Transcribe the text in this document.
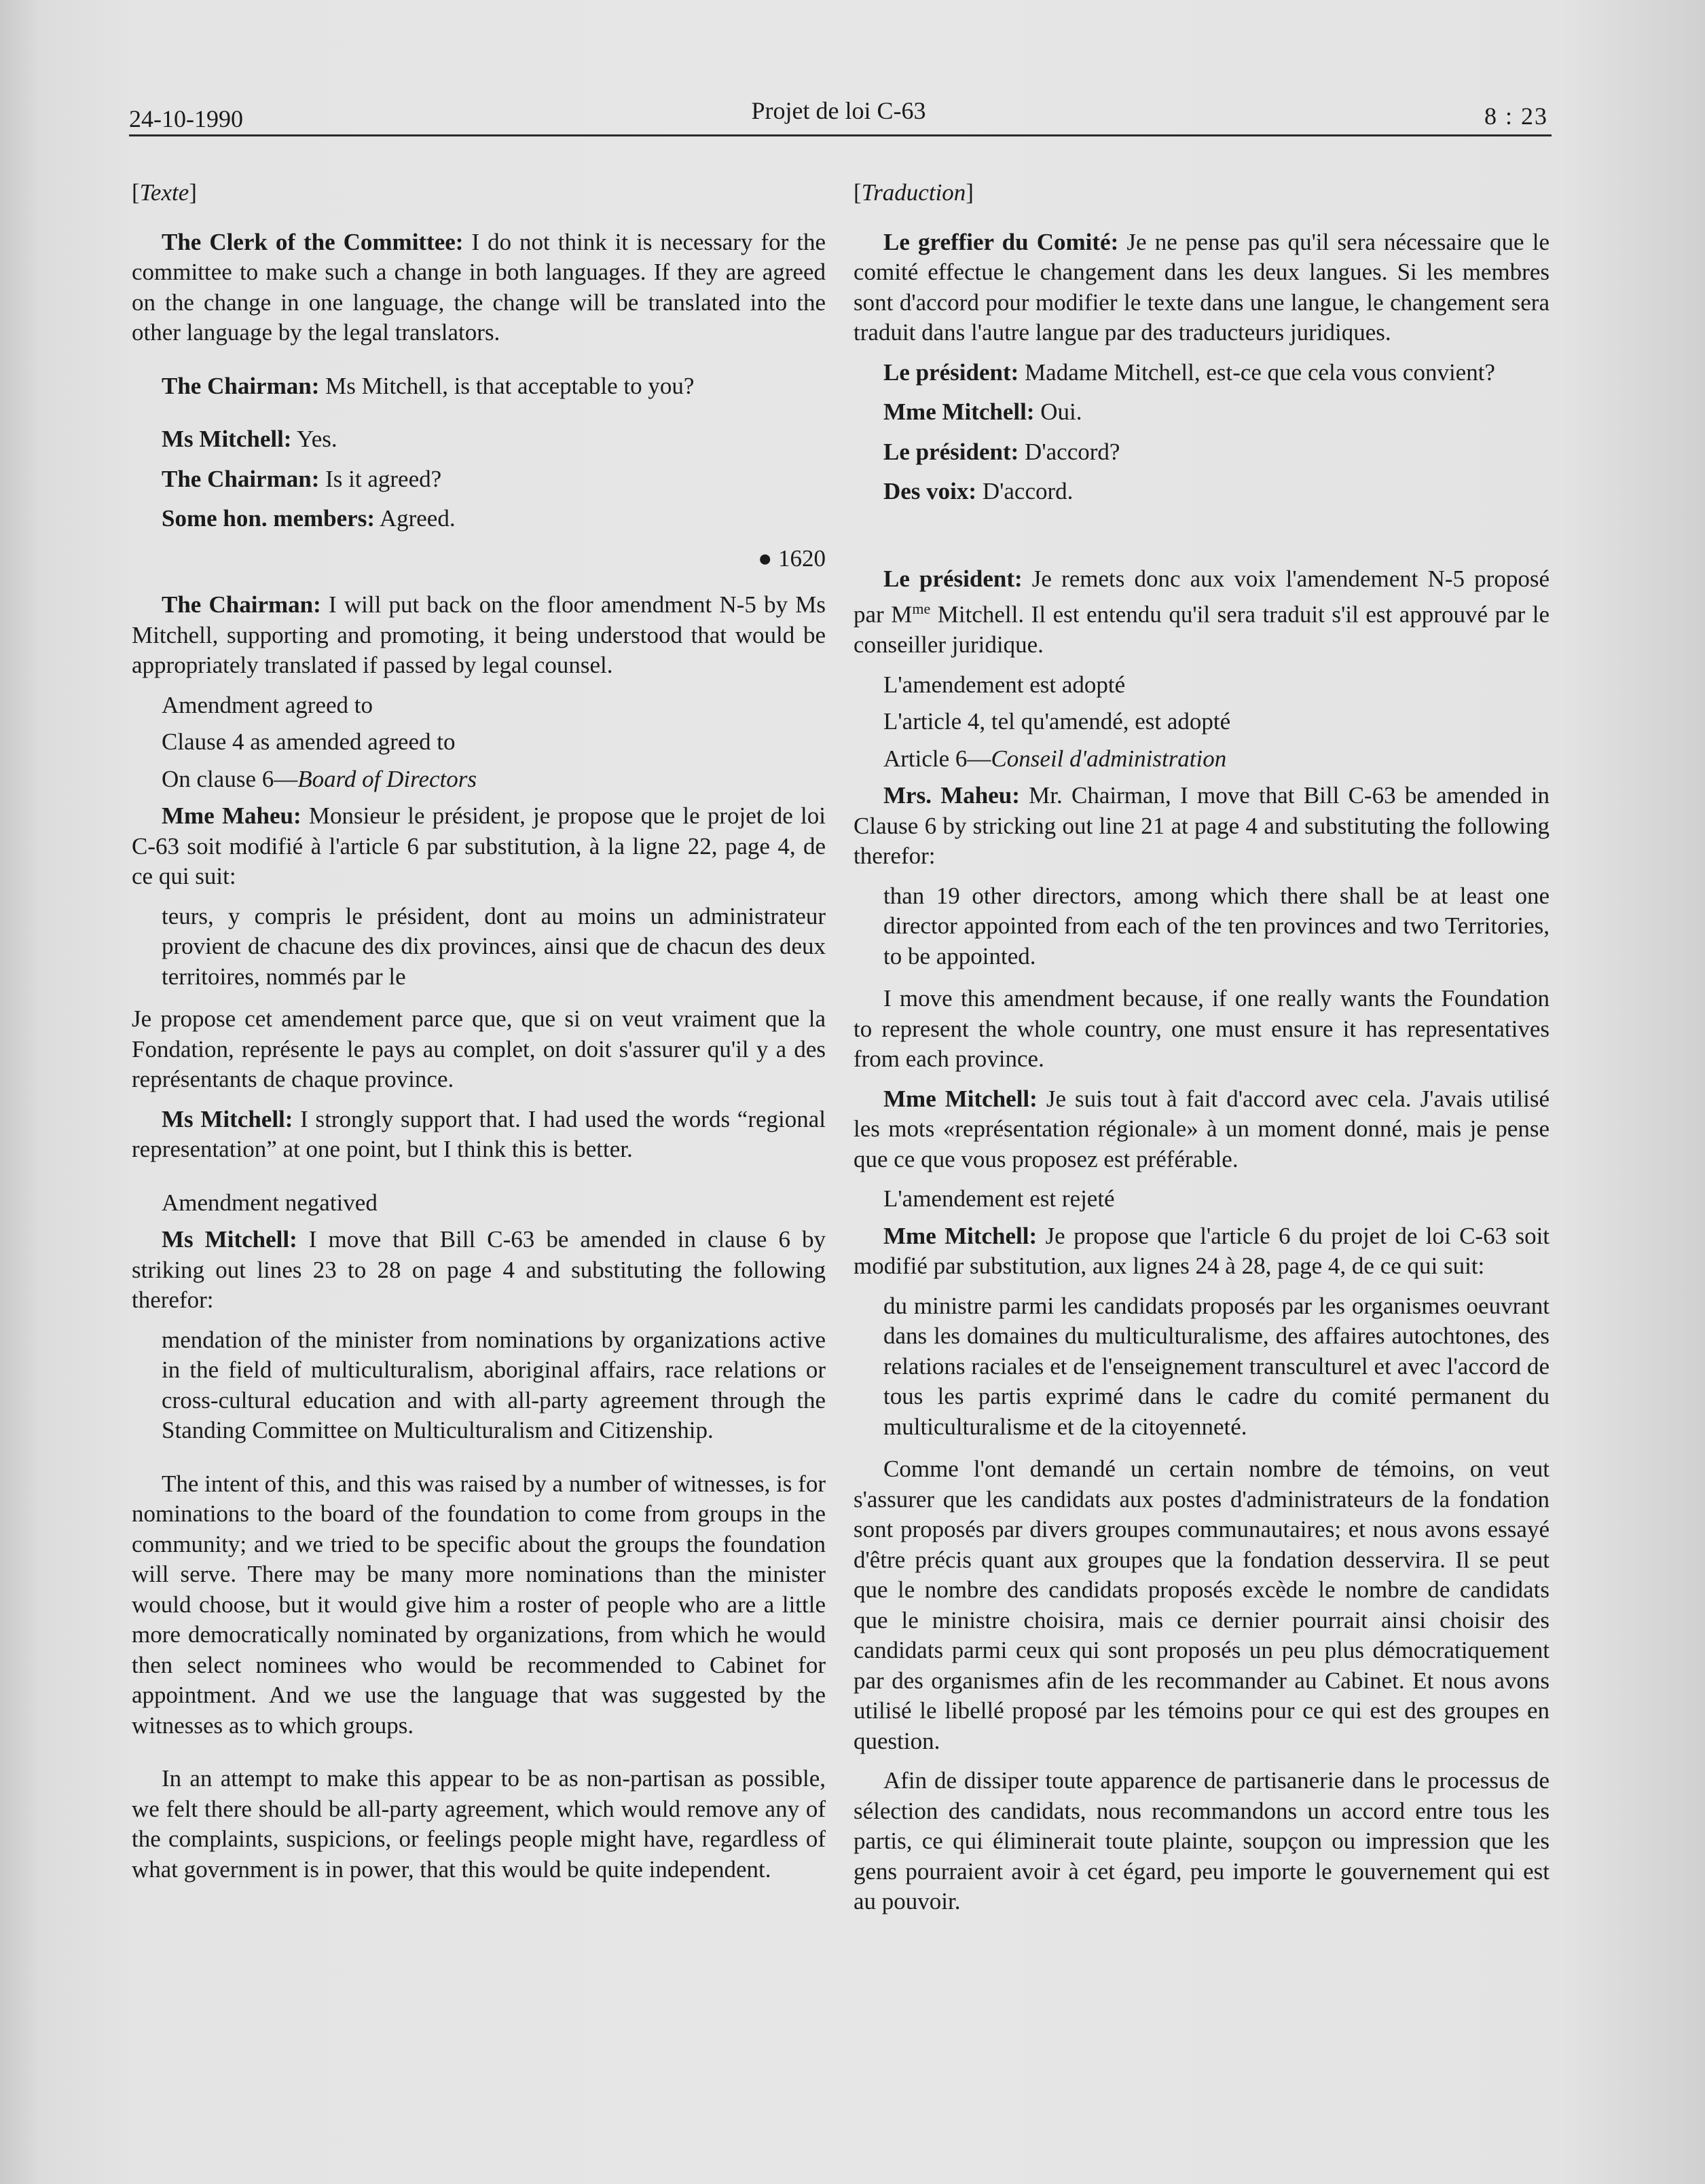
24-10-1990	Projet de loi C-63	8 : 23
[Texte]

The Clerk of the Committee: I do not think it is necessary for the committee to make such a change in both languages. If they are agreed on the change in one language, the change will be translated into the other language by the legal translators.

The Chairman: Ms Mitchell, is that acceptable to you?

Ms Mitchell: Yes.

The Chairman: Is it agreed?

Some hon. members: Agreed.

● 1620

The Chairman: I will put back on the floor amendment N-5 by Ms Mitchell, supporting and promoting, it being understood that would be appropriately translated if passed by legal counsel.

Amendment agreed to

Clause 4 as amended agreed to

On clause 6—Board of Directors

Mme Maheu: Monsieur le président, je propose que le projet de loi C-63 soit modifié à l'article 6 par substitution, à la ligne 22, page 4, de ce qui suit:

teurs, y compris le président, dont au moins un administrateur provient de chacune des dix provinces, ainsi que de chacun des deux territoires, nommés par le

Je propose cet amendement parce que, que si on veut vraiment que la Fondation, représente le pays au complet, on doit s'assurer qu'il y a des représentants de chaque province.

Ms Mitchell: I strongly support that. I had used the words “regional representation” at one point, but I think this is better.

Amendment negatived

Ms Mitchell: I move that Bill C-63 be amended in clause 6 by striking out lines 23 to 28 on page 4 and substituting the following therefor:

mendation of the minister from nominations by organizations active in the field of multiculturalism, aboriginal affairs, race relations or cross-cultural education and with all-party agreement through the Standing Committee on Multiculturalism and Citizenship.

The intent of this, and this was raised by a number of witnesses, is for nominations to the board of the foundation to come from groups in the community; and we tried to be specific about the groups the foundation will serve. There may be many more nominations than the minister would choose, but it would give him a roster of people who are a little more democratically nominated by organizations, from which he would then select nominees who would be recommended to Cabinet for appointment. And we use the language that was suggested by the witnesses as to which groups.

In an attempt to make this appear to be as non-partisan as possible, we felt there should be all-party agreement, which would remove any of the complaints, suspicions, or feelings people might have, regardless of what government is in power, that this would be quite independent.

[Traduction]

Le greffier du Comité: Je ne pense pas qu'il sera nécessaire que le comité effectue le changement dans les deux langues. Si les membres sont d'accord pour modifier le texte dans une langue, le changement sera traduit dans l'autre langue par des traducteurs juridiques.

Le président: Madame Mitchell, est-ce que cela vous convient?

Mme Mitchell: Oui.

Le président: D'accord?

Des voix: D'accord.

Le président: Je remets donc aux voix l'amendement N-5 proposé par $M^{me}$ Mitchell. Il est entendu qu'il sera traduit s'il est approuvé par le conseiller juridique.

L'amendement est adopté

L'article 4, tel qu'amendé, est adopté

Article 6—Conseil d'administration

Mrs. Maheu: Mr. Chairman, I move that Bill C-63 be amended in Clause 6 by stricking out line 21 at page 4 and substituting the following therefor:

than 19 other directors, among which there shall be at least one director appointed from each of the ten provinces and two Territories, to be appointed.

I move this amendment because, if one really wants the Foundation to represent the whole country, one must ensure it has representatives from each province.

Mme Mitchell: Je suis tout à fait d'accord avec cela. J'avais utilisé les mots «représentation régionale» à un moment donné, mais je pense que ce que vous proposez est préférable.

L'amendement est rejeté

Mme Mitchell: Je propose que l'article 6 du projet de loi C-63 soit modifié par substitution, aux lignes 24 à 28, page 4, de ce qui suit:

du ministre parmi les candidats proposés par les organismes oeuvrant dans les domaines du multiculturalisme, des affaires autochtones, des relations raciales et de l'enseignement transculturel et avec l'accord de tous les partis exprimé dans le cadre du comité permanent du multiculturalisme et de la citoyenneté.

Comme l'ont demandé un certain nombre de témoins, on veut s'assurer que les candidats aux postes d'administrateurs de la fondation sont proposés par divers groupes communautaires; et nous avons essayé d'être précis quant aux groupes que la fondation desservira. Il se peut que le nombre des candidats proposés excède le nombre de candidats que le ministre choisira, mais ce dernier pourrait ainsi choisir des candidats parmi ceux qui sont proposés un peu plus démocratiquement par des organismes afin de les recommander au Cabinet. Et nous avons utilisé le libellé proposé par les témoins pour ce qui est des groupes en question.

Afin de dissiper toute apparence de partisanerie dans le processus de sélection des candidats, nous recommandons un accord entre tous les partis, ce qui éliminerait toute plainte, soupçon ou impression que les gens pourraient avoir à cet égard, peu importe le gouvernement qui est au pouvoir.
